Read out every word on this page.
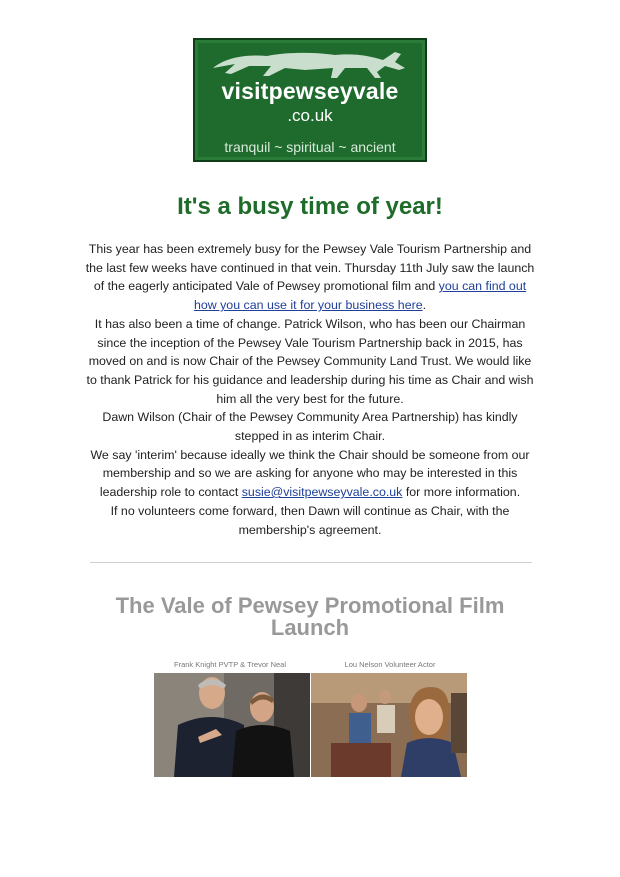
visitpewseyvale
.co.uk
tranquil ~ spiritual ~ ancient
It's a busy time of year!

This year has been extremely busy for the Pewsey Vale Tourism Partnership and the last few weeks have continued in that vein. Thursday 11th July saw the launch of the eagerly anticipated Vale of Pewsey promotional film and you can find out how you can use it for your business here.

It has also been a time of change. Patrick Wilson, who has been our Chairman since the inception of the Pewsey Vale Tourism Partnership back in 2015, has moved on and is now Chair of the Pewsey Community Land Trust. We would like to thank Patrick for his guidance and leadership during his time as Chair and wish him all the very best for the future.

Dawn Wilson (Chair of the Pewsey Community Area Partnership) has kindly stepped in as interim Chair.

We say 'interim' because ideally we think the Chair should be someone from our membership and so we are asking for anyone who may be interested in this leadership role to contact susie@visitpewseyvale.co.uk for more information.

If no volunteers come forward, then Dawn will continue as Chair, with the membership's agreement.

The Vale of Pewsey Promotional Film Launch
Frank Knight PVTP & Trevor Neal	Lou Nelson Volunteer Actor
